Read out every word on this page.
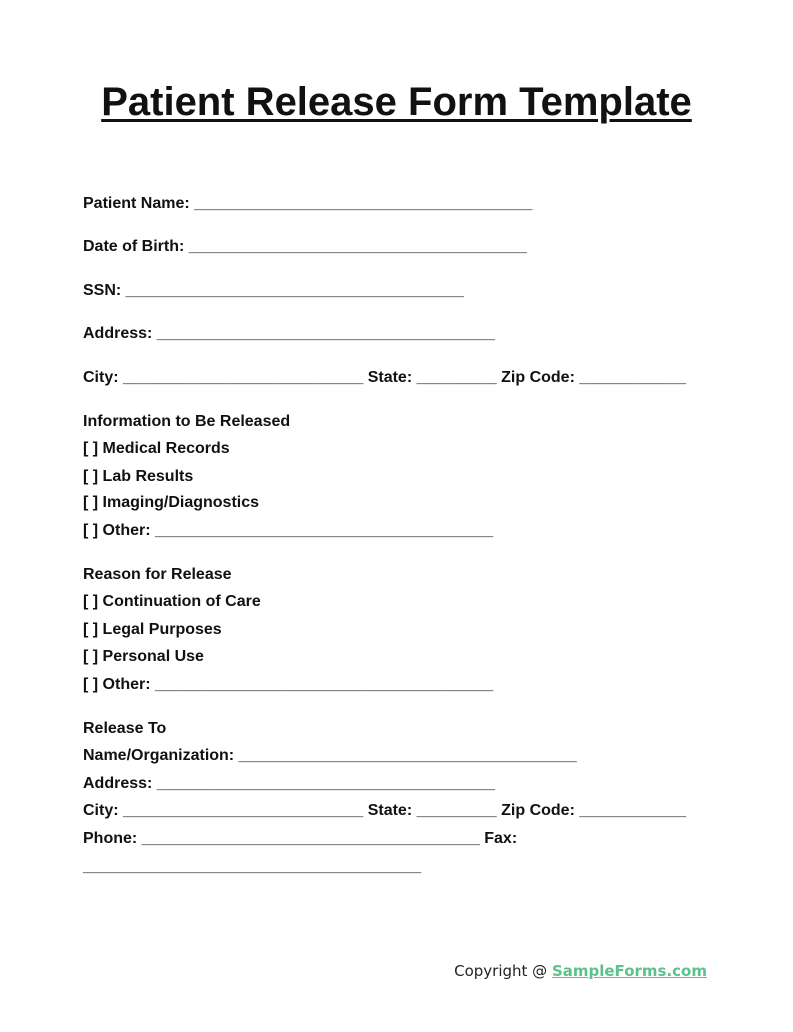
Patient Release Form Template
Patient Name: ______________________________________
Date of Birth: ______________________________________
SSN: ______________________________________
Address: ______________________________________
City: ___________________________ State: _________ Zip Code: ____________
Information to Be Released
[ ] Medical Records
[ ] Lab Results
[ ] Imaging/Diagnostics
[ ] Other: ______________________________________
Reason for Release
[ ] Continuation of Care
[ ] Legal Purposes
[ ] Personal Use
[ ] Other: ______________________________________
Release To
Name/Organization: ______________________________________
Address: ______________________________________
City: ___________________________ State: _________ Zip Code: ____________
Phone: ______________________________________ Fax:
______________________________________
Copyright @ SampleForms.com
